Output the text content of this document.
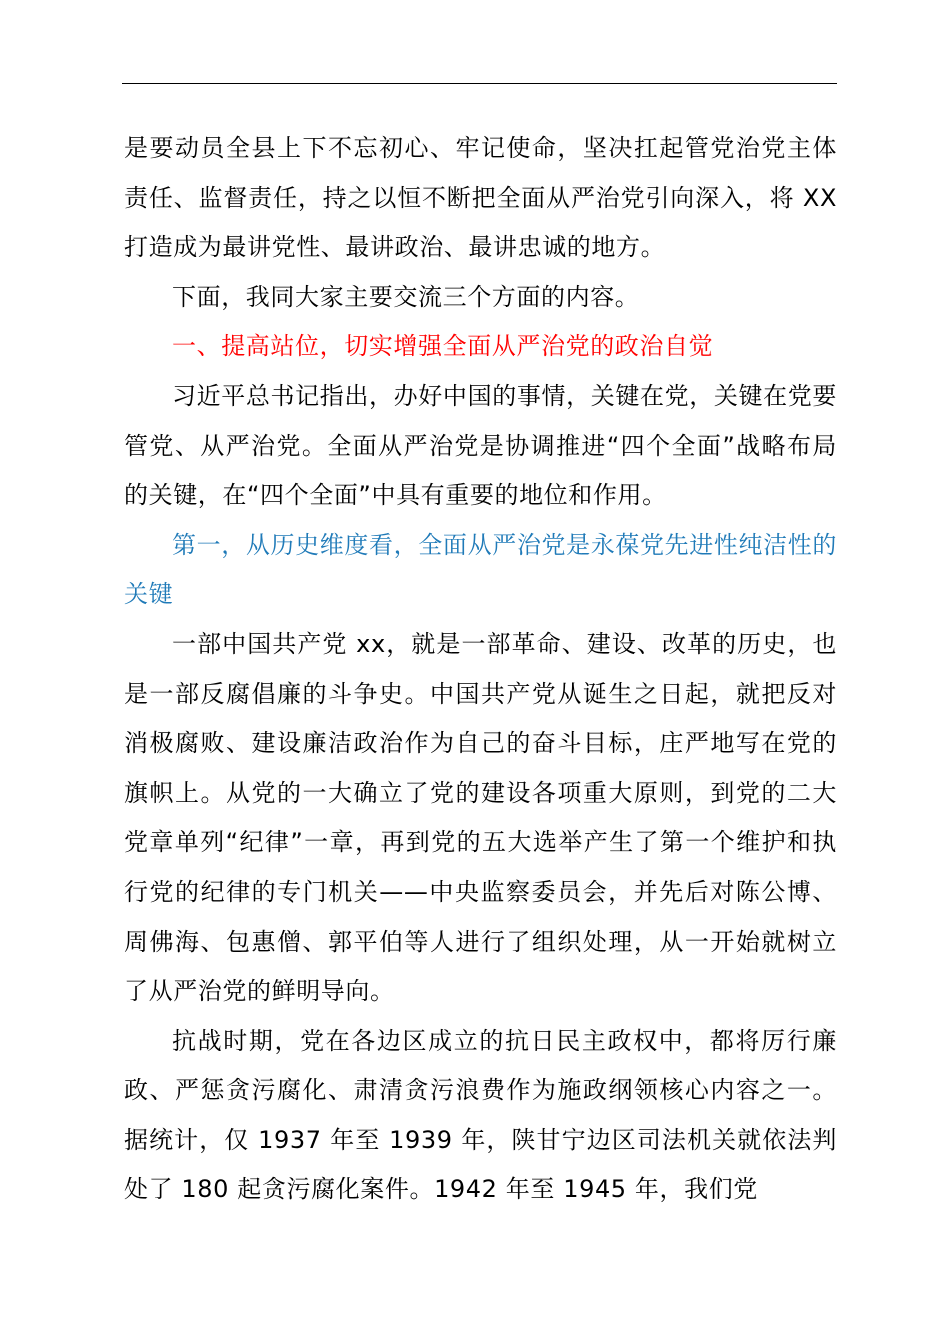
是要动员全县上下不忘初心、牢记使命，坚决扛起管党治党主体责任、监督责任，持之以恒不断把全面从严治党引向深入，将 XX 打造成为最讲党性、最讲政治、最讲忠诚的地方。

下面，我同大家主要交流三个方面的内容。

一、提高站位，切实增强全面从严治党的政治自觉

习近平总书记指出，办好中国的事情，关键在党，关键在党要管党、从严治党。全面从严治党是协调推进“四个全面”战略布局的关键，在“四个全面”中具有重要的地位和作用。

第一，从历史维度看，全面从严治党是永葆党先进性纯洁性的关键

一部中国共产党 xx，就是一部革命、建设、改革的历史，也是一部反腐倡廉的斗争史。中国共产党从诞生之日起，就把反对消极腐败、建设廉洁政治作为自己的奋斗目标，庄严地写在党的旗帜上。从党的一大确立了党的建设各项重大原则，到党的二大党章单列“纪律”一章，再到党的五大选举产生了第一个维护和执行党的纪律的专门机关——中央监察委员会，并先后对陈公博、周佛海、包惠僧、郭平伯等人进行了组织处理，从一开始就树立了从严治党的鲜明导向。

抗战时期，党在各边区成立的抗日民主政权中，都将厉行廉政、严惩贪污腐化、肃清贪污浪费作为施政纲领核心内容之一。据统计，仅 1937 年至 1939 年，陕甘宁边区司法机关就依法判处了 180 起贪污腐化案件。1942 年至 1945 年，我们党
